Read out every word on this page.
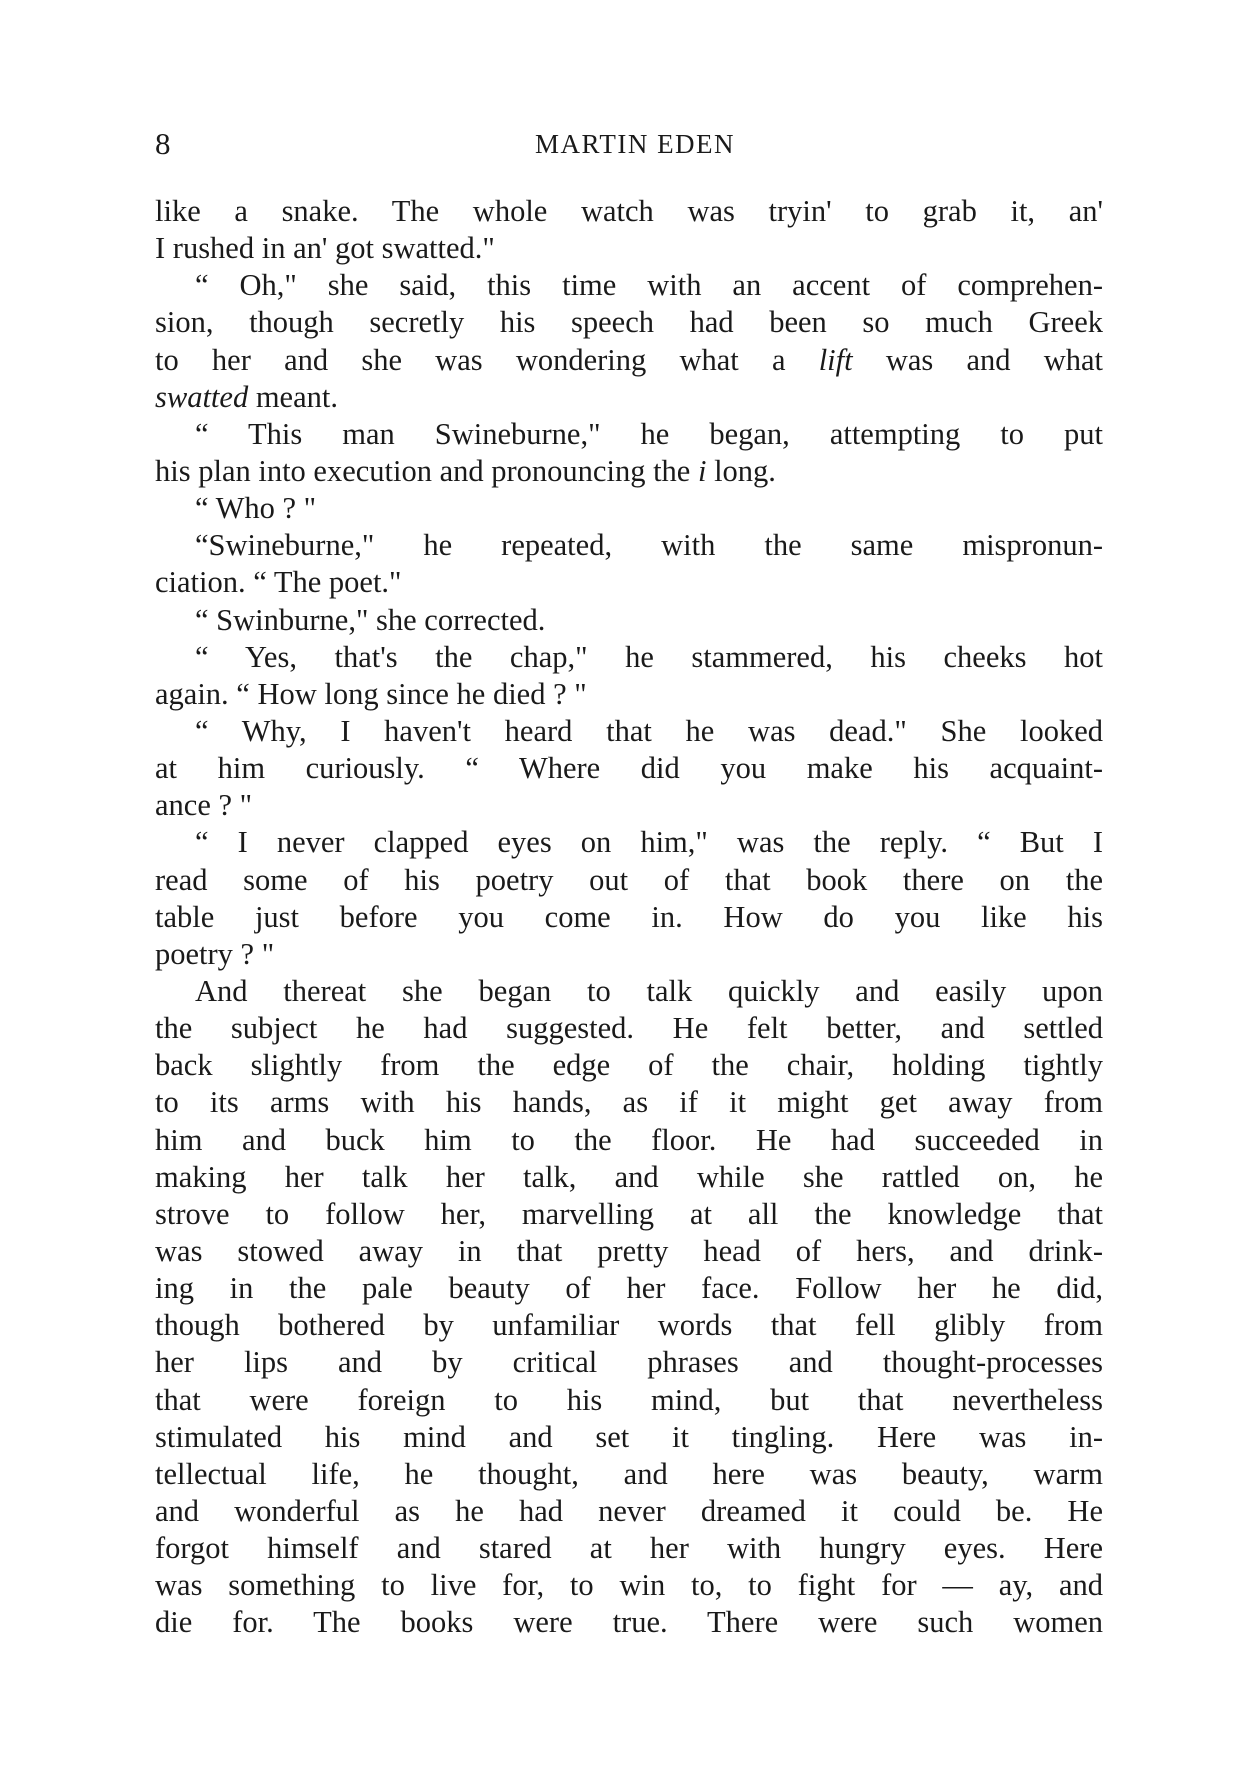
8	MARTIN EDEN
like a snake. The whole watch was tryin' to grab it, an'
I rushed in an' got swatted."
“ Oh," she said, this time with an accent of comprehen-
sion, though secretly his speech had been so much Greek
to her and she was wondering what a lift was and what
swatted meant.
“ This man Swineburne," he began, attempting to put
his plan into execution and pronouncing the i long.
“ Who ? "
“Swineburne," he repeated, with the same mispronun-
ciation. “ The poet."
“ Swinburne," she corrected.
“ Yes, that's the chap," he stammered, his cheeks hot
again. “ How long since he died ? "
“ Why, I haven't heard that he was dead." She looked
at him curiously. “ Where did you make his acquaint-
ance ? "
“ I never clapped eyes on him," was the reply. “ But I
read some of his poetry out of that book there on the
table just before you come in. How do you like his
poetry ? "
And thereat she began to talk quickly and easily upon
the subject he had suggested. He felt better, and settled
back slightly from the edge of the chair, holding tightly
to its arms with his hands, as if it might get away from
him and buck him to the floor. He had succeeded in
making her talk her talk, and while she rattled on, he
strove to follow her, marvelling at all the knowledge that
was stowed away in that pretty head of hers, and drink-
ing in the pale beauty of her face. Follow her he did,
though bothered by unfamiliar words that fell glibly from
her lips and by critical phrases and thought-processes
that were foreign to his mind, but that nevertheless
stimulated his mind and set it tingling. Here was in-
tellectual life, he thought, and here was beauty, warm
and wonderful as he had never dreamed it could be. He
forgot himself and stared at her with hungry eyes. Here
was something to live for, to win to, to fight for — ay, and
die for. The books were true. There were such women
